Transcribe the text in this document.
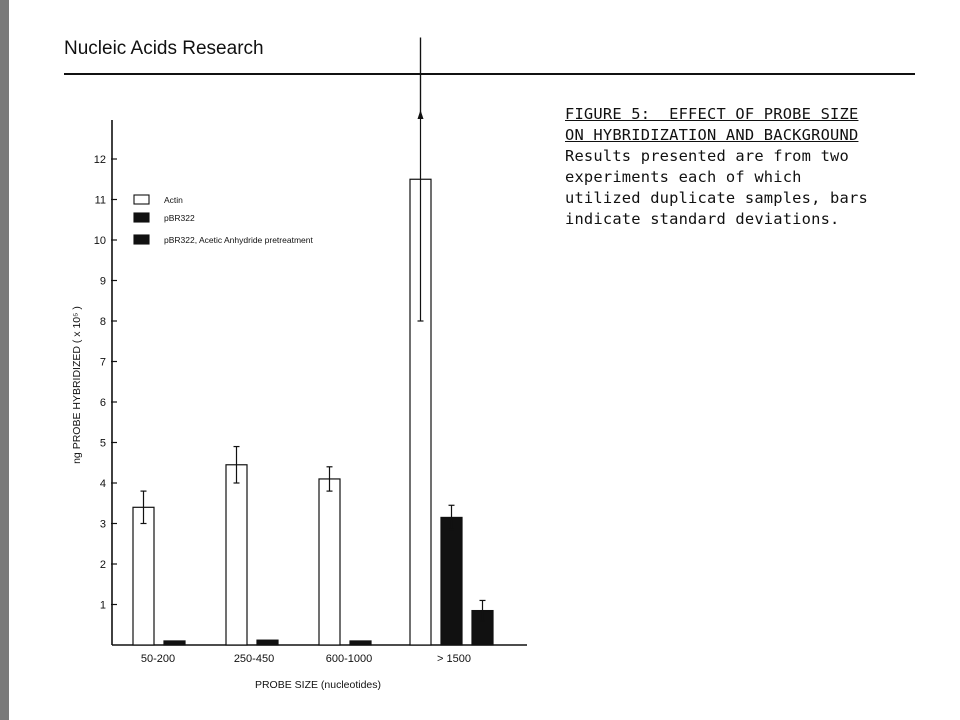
Nucleic Acids Research
1
2
3
4
5
6
7
8
9
10
11
12
ng PROBE HYBRIDIZED ( x 10⁵ )
50-200	250-450	600-1000	> 1500
PROBE SIZE (nucleotides)
Actin
pBR322
pBR322, Acetic Anhydride pretreatment
FIGURE 5:  EFFECT OF PROBE SIZE
ON HYBRIDIZATION AND BACKGROUND
Results presented are from two
experiments each of which
utilized duplicate samples, bars
indicate standard deviations.
